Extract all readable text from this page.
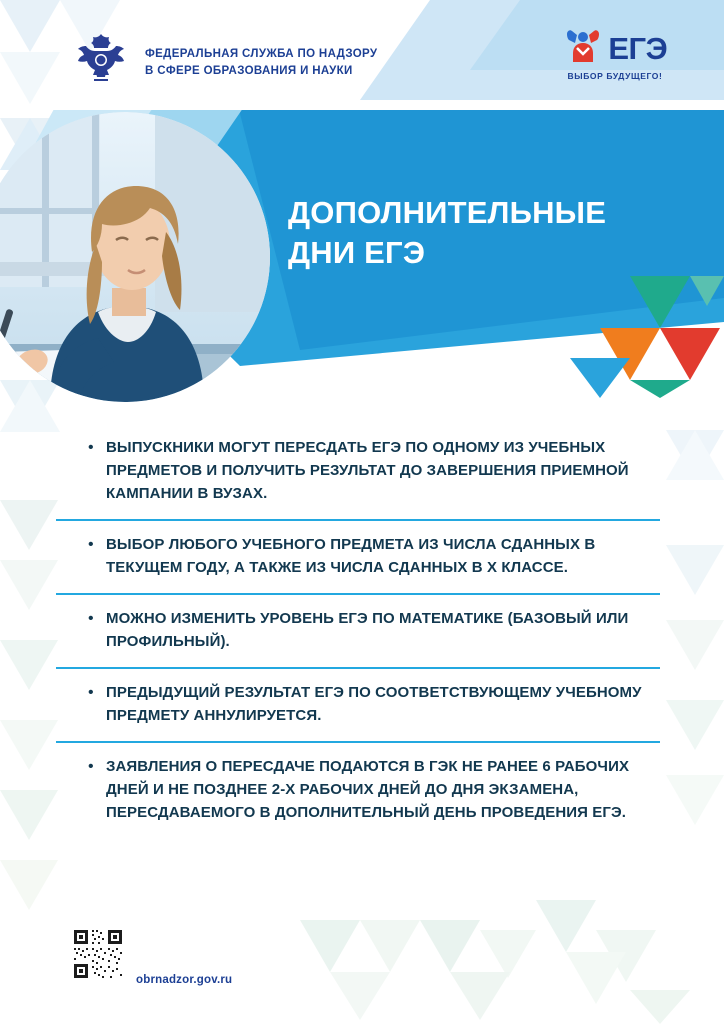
ФЕДЕРАЛЬНАЯ СЛУЖБА ПО НАДЗОРУ
В СФЕРЕ ОБРАЗОВАНИЯ И НАУКИ
ЕГЭ
ВЫБОР БУДУЩЕГО!
ДОПОЛНИТЕЛЬНЫЕ
ДНИ ЕГЭ
• ВЫПУСКНИКИ МОГУТ ПЕРЕСДАТЬ ЕГЭ ПО ОДНОМУ ИЗ УЧЕБНЫХ ПРЕДМЕТОВ И ПОЛУЧИТЬ РЕЗУЛЬТАТ ДО ЗАВЕРШЕНИЯ ПРИЕМНОЙ КАМПАНИИ В ВУЗАХ.
• ВЫБОР ЛЮБОГО УЧЕБНОГО ПРЕДМЕТА ИЗ ЧИСЛА СДАННЫХ В ТЕКУЩЕМ ГОДУ, А ТАКЖЕ ИЗ ЧИСЛА СДАННЫХ В Х КЛАССЕ.
• МОЖНО ИЗМЕНИТЬ УРОВЕНЬ ЕГЭ ПО МАТЕМАТИКЕ (БАЗОВЫЙ ИЛИ ПРОФИЛЬНЫЙ).
• ПРЕДЫДУЩИЙ РЕЗУЛЬТАТ ЕГЭ ПО СООТВЕТСТВУЮЩЕМУ УЧЕБНОМУ ПРЕДМЕТУ АННУЛИРУЕТСЯ.
• ЗАЯВЛЕНИЯ О ПЕРЕСДАЧЕ ПОДАЮТСЯ В ГЭК НЕ РАНЕЕ 6 РАБОЧИХ ДНЕЙ И НЕ ПОЗДНЕЕ 2-Х РАБОЧИХ ДНЕЙ ДО ДНЯ ЭКЗАМЕНА, ПЕРЕСДАВАЕМОГО В ДОПОЛНИТЕЛЬНЫЙ ДЕНЬ ПРОВЕДЕНИЯ ЕГЭ.
obrnadzor.gov.ru
